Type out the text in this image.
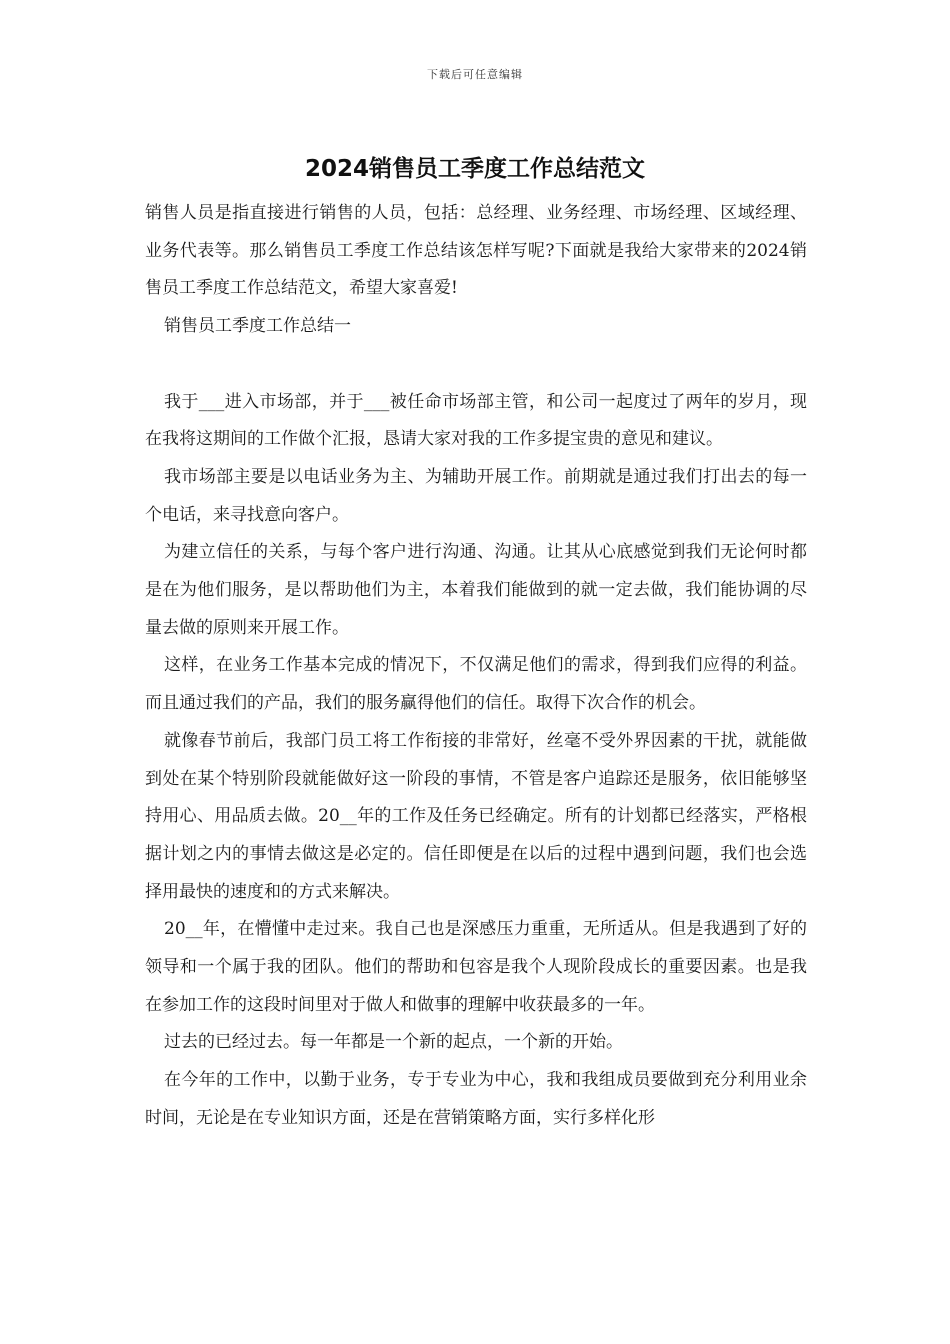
下载后可任意编辑
2024销售员工季度工作总结范文

销售人员是指直接进行销售的人员，包括：总经理、业务经理、市场经理、区域经理、业务代表等。那么销售员工季度工作总结该怎样写呢?下面就是我给大家带来的2024销售员工季度工作总结范文，希望大家喜爱!

销售员工季度工作总结一

我于___进入市场部，并于___被任命市场部主管，和公司一起度过了两年的岁月，现在我将这期间的工作做个汇报，恳请大家对我的工作多提宝贵的意见和建议。

我市场部主要是以电话业务为主、为辅助开展工作。前期就是通过我们打出去的每一个电话，来寻找意向客户。

为建立信任的关系，与每个客户进行沟通、沟通。让其从心底感觉到我们无论何时都是在为他们服务，是以帮助他们为主，本着我们能做到的就一定去做，我们能协调的尽量去做的原则来开展工作。

这样，在业务工作基本完成的情况下，不仅满足他们的需求，得到我们应得的利益。而且通过我们的产品，我们的服务赢得他们的信任。取得下次合作的机会。

就像春节前后，我部门员工将工作衔接的非常好，丝毫不受外界因素的干扰，就能做到处在某个特别阶段就能做好这一阶段的事情，不管是客户追踪还是服务，依旧能够坚持用心、用品质去做。20__年的工作及任务已经确定。所有的计划都已经落实，严格根据计划之内的事情去做这是必定的。信任即便是在以后的过程中遇到问题，我们也会选择用最快的速度和的方式来解决。

20__年，在懵懂中走过来。我自己也是深感压力重重，无所适从。但是我遇到了好的领导和一个属于我的团队。他们的帮助和包容是我个人现阶段成长的重要因素。也是我在参加工作的这段时间里对于做人和做事的理解中收获最多的一年。

过去的已经过去。每一年都是一个新的起点，一个新的开始。

在今年的工作中，以勤于业务，专于专业为中心，我和我组成员要做到充分利用业余时间，无论是在专业知识方面，还是在营销策略方面，实行多样化形
